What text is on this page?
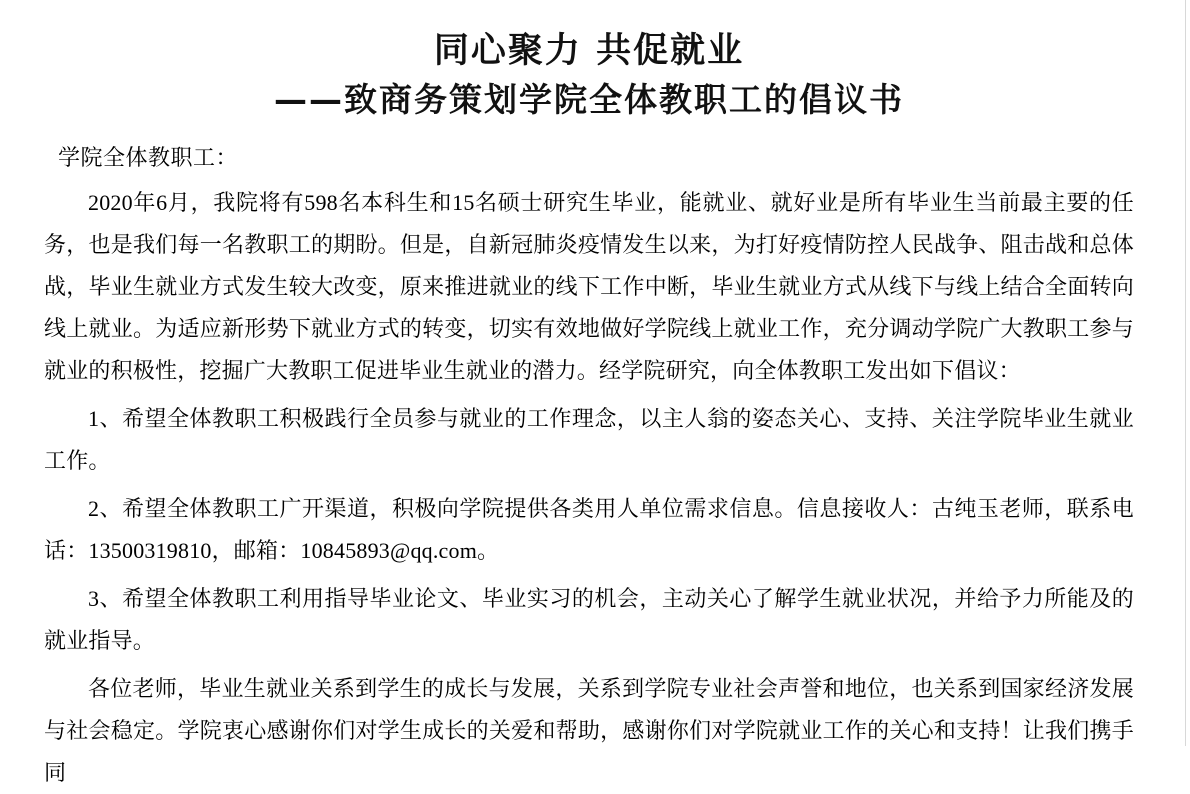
同心聚力 共促就业
——致商务策划学院全体教职工的倡议书
学院全体教职工：

2020年6月，我院将有598名本科生和15名硕士研究生毕业，能就业、就好业是所有毕业生当前最主要的任务，也是我们每一名教职工的期盼。但是，自新冠肺炎疫情发生以来，为打好疫情防控人民战争、阻击战和总体战，毕业生就业方式发生较大改变，原来推进就业的线下工作中断，毕业生就业方式从线下与线上结合全面转向线上就业。为适应新形势下就业方式的转变，切实有效地做好学院线上就业工作，充分调动学院广大教职工参与就业的积极性，挖掘广大教职工促进毕业生就业的潜力。经学院研究，向全体教职工发出如下倡议：

1、希望全体教职工积极践行全员参与就业的工作理念，以主人翁的姿态关心、支持、关注学院毕业生就业工作。

2、希望全体教职工广开渠道，积极向学院提供各类用人单位需求信息。信息接收人：古纯玉老师，联系电话：13500319810，邮箱：10845893@qq.com。

3、希望全体教职工利用指导毕业论文、毕业实习的机会，主动关心了解学生就业状况，并给予力所能及的就业指导。

各位老师，毕业生就业关系到学生的成长与发展，关系到学院专业社会声誉和地位，也关系到国家经济发展与社会稳定。学院衷心感谢你们对学生成长的关爱和帮助，感谢你们对学院就业工作的关心和支持！让我们携手同
